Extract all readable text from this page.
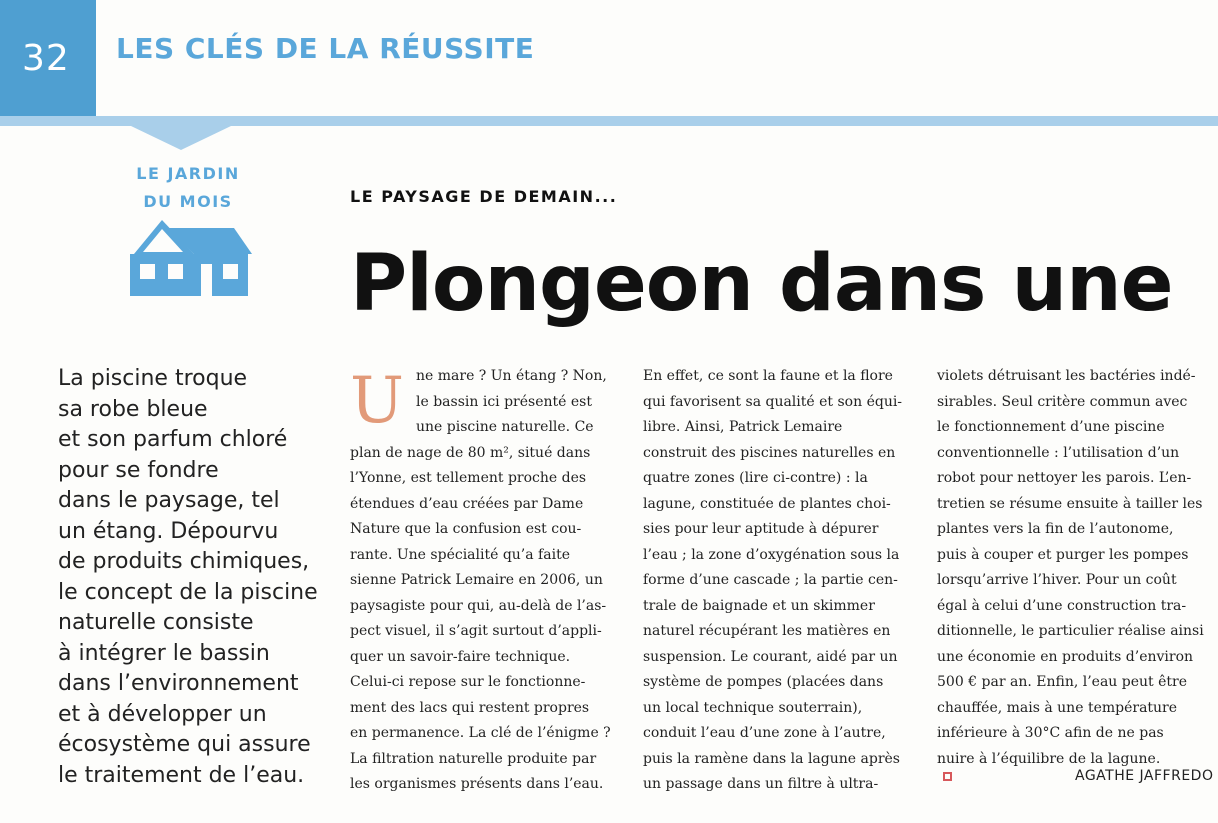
32 LES CLÉS DE LA RÉUSSITE
LE JARDIN
DU MOIS	LE PAYSAGE DE DEMAIN...
Plongeon dans une
La piscine troque
sa robe bleue
et son parfum chloré
pour se fondre
dans le paysage, tel
un étang. Dépourvu
de produits chimiques,
le concept de la piscine
naturelle consiste
à intégrer le bassin
dans l’environnement
et à développer un
écosystème qui assure
le traitement de l’eau.
U ne mare ? Un étang ? Non,
le bassin ici présenté est
une piscine naturelle. Ce
plan de nage de 80 m², situé dans
l’Yonne, est tellement proche des
étendues d’eau créées par Dame
Nature que la confusion est cou-
rante. Une spécialité qu’a faite
sienne Patrick Lemaire en 2006, un
paysagiste pour qui, au-delà de l’as-
pect visuel, il s’agit surtout d’appli-
quer un savoir-faire technique.
Celui-ci repose sur le fonctionne-
ment des lacs qui restent propres
en permanence. La clé de l’énigme ?
La filtration naturelle produite par
les organismes présents dans l’eau.
En effet, ce sont la faune et la flore
qui favorisent sa qualité et son équi-
libre. Ainsi, Patrick Lemaire
construit des piscines naturelles en
quatre zones (lire ci-contre) : la
lagune, constituée de plantes choi-
sies pour leur aptitude à dépurer
l’eau ; la zone d’oxygénation sous la
forme d’une cascade ; la partie cen-
trale de baignade et un skimmer
naturel récupérant les matières en
suspension. Le courant, aidé par un
système de pompes (placées dans
un local technique souterrain),
conduit l’eau d’une zone à l’autre,
puis la ramène dans la lagune après
un passage dans un filtre à ultra-
violets détruisant les bactéries indé-
sirables. Seul critère commun avec
le fonctionnement d’une piscine
conventionnelle : l’utilisation d’un
robot pour nettoyer les parois. L’en-
tretien se résume ensuite à tailler les
plantes vers la fin de l’autonome,
puis à couper et purger les pompes
lorsqu’arrive l’hiver. Pour un coût
égal à celui d’une construction tra-
ditionnelle, le particulier réalise ainsi
une économie en produits d’environ
500 € par an. Enfin, l’eau peut être
chauffée, mais à une température
inférieure à 30°C afin de ne pas
nuire à l’équilibre de la lagune.
AGATHE JAFFREDO
